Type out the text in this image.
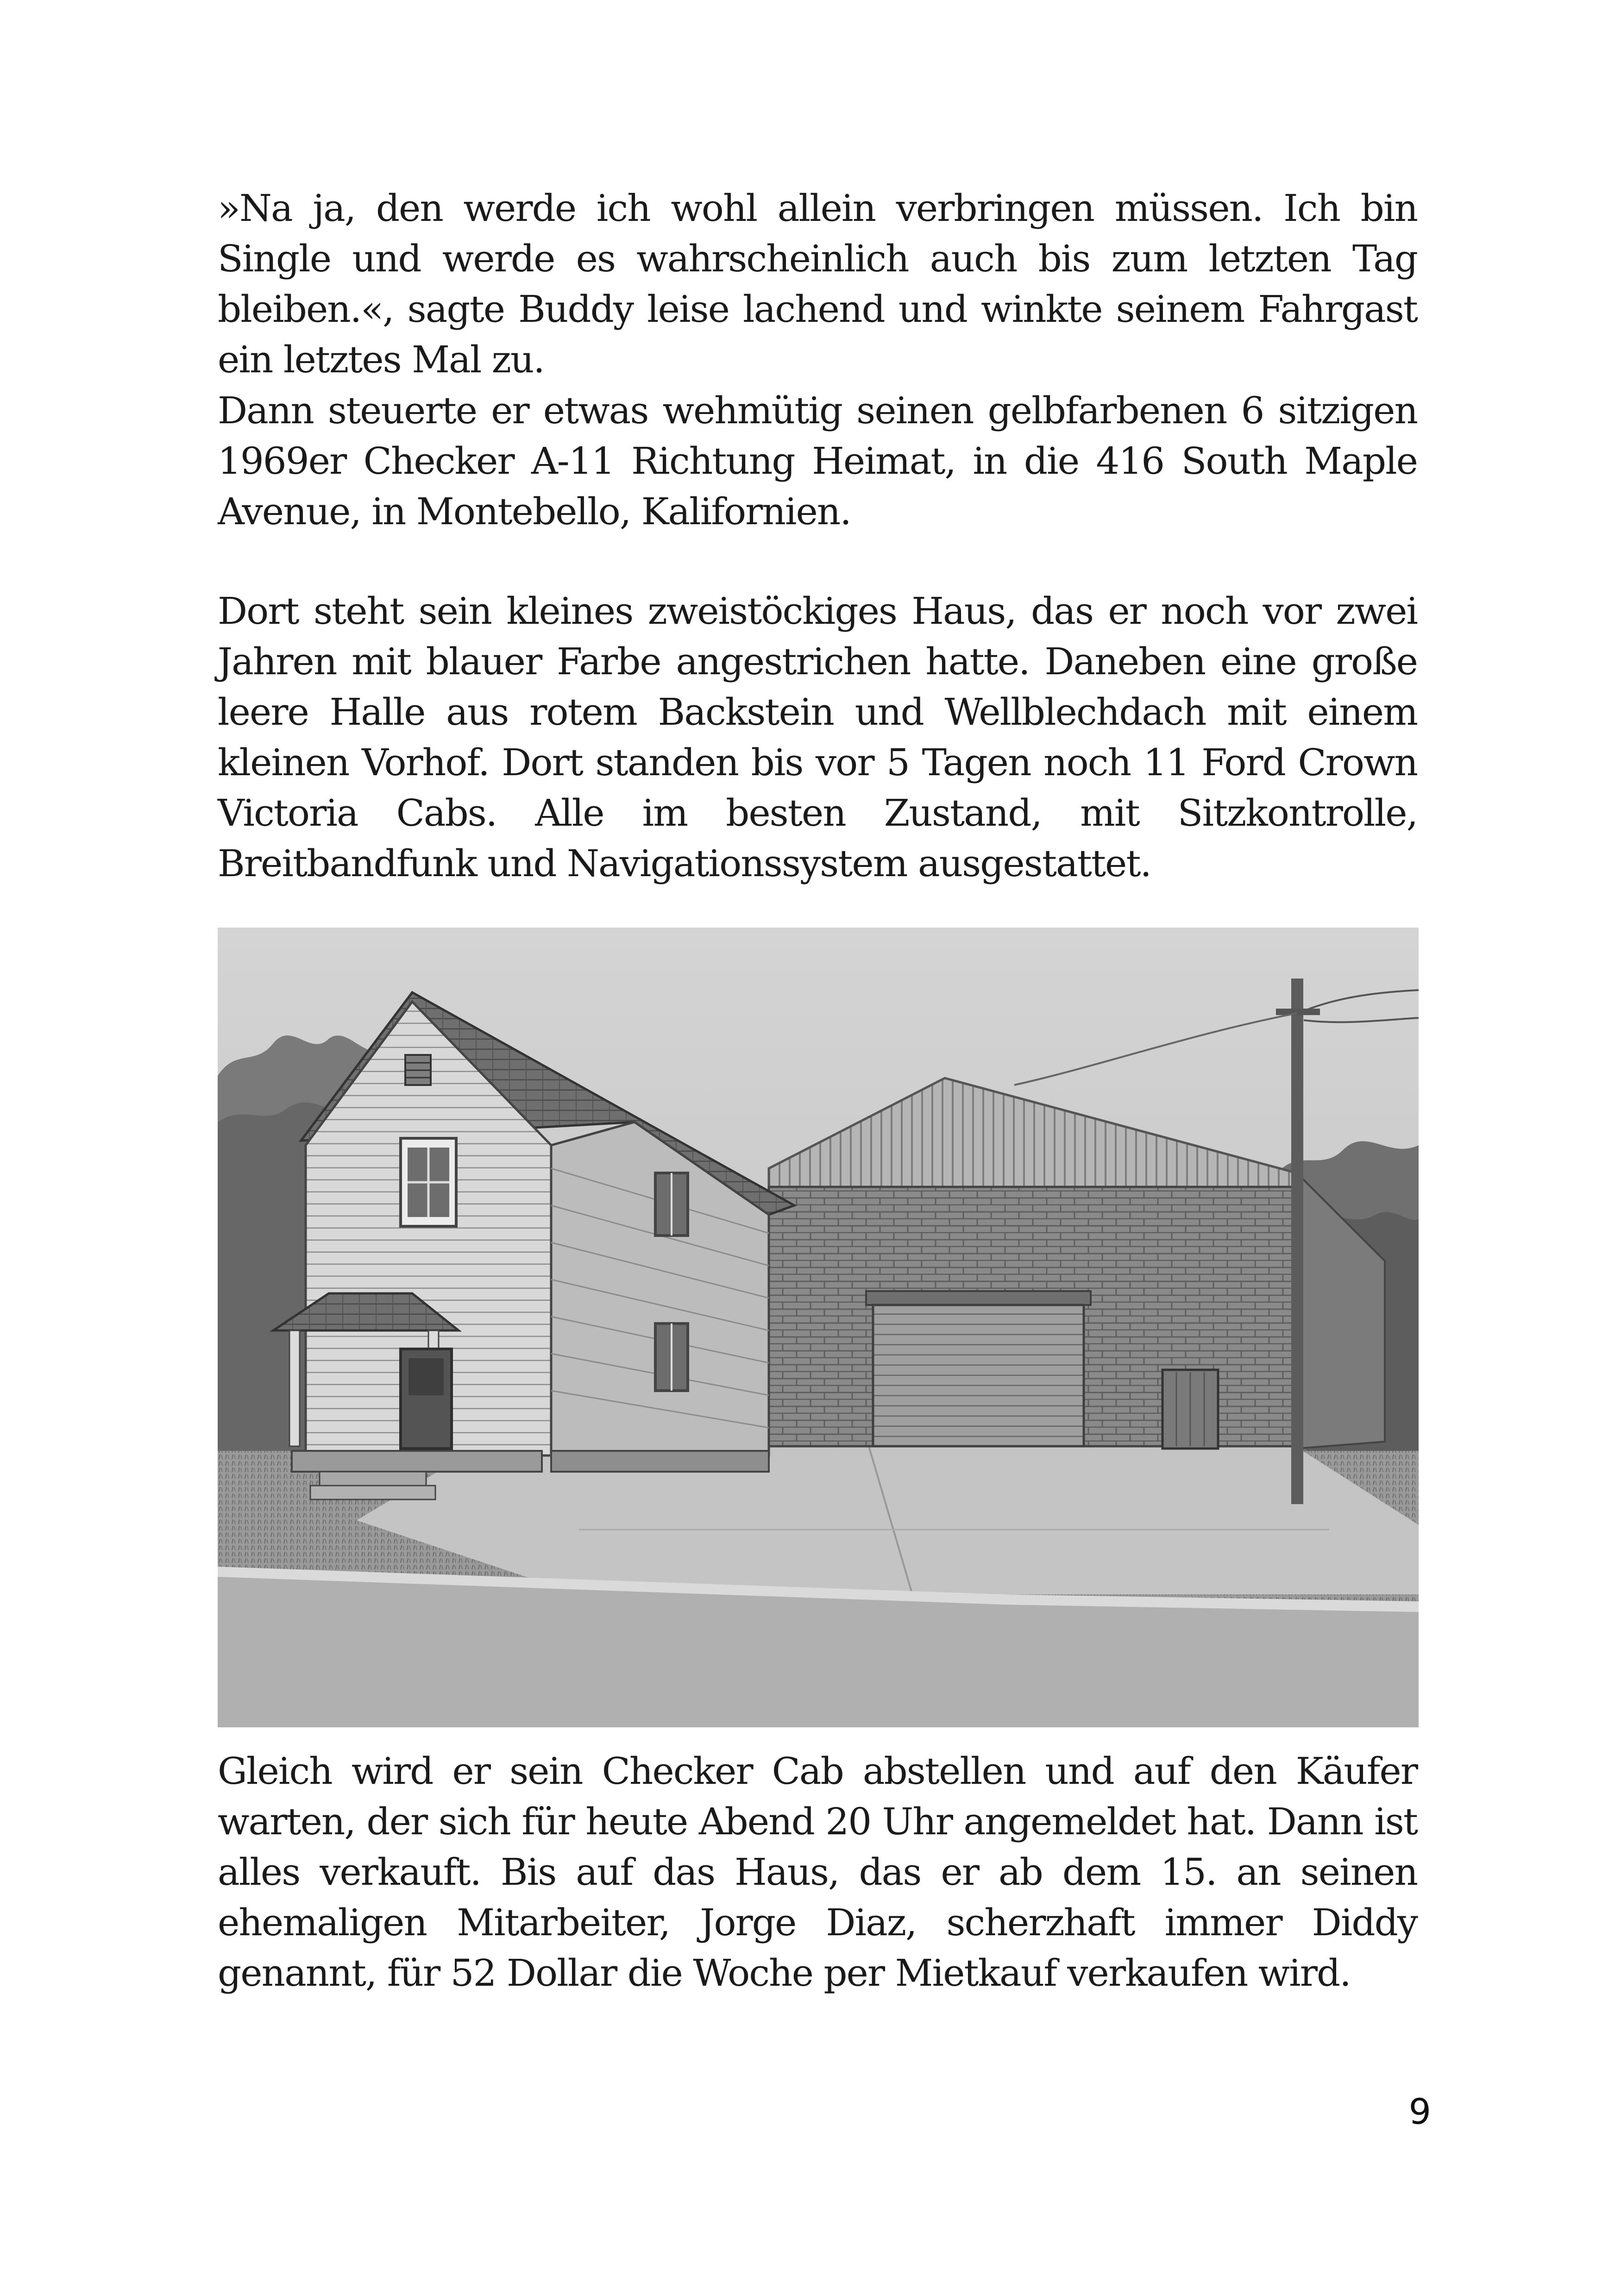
»Na ja, den werde ich wohl allein verbringen müssen. Ich bin Single und werde es wahrscheinlich auch bis zum letzten Tag bleiben.«, sagte Buddy leise lachend und winkte seinem Fahrgast ein letztes Mal zu.

Dann steuerte er etwas wehmütig seinen gelbfarbenen 6 sitzigen 1969er Checker A-11 Richtung Heimat, in die 416 South Maple Avenue, in Montebello, Kalifornien.

Dort steht sein kleines zweistöckiges Haus, das er noch vor zwei Jahren mit blauer Farbe angestrichen hatte. Daneben eine große leere Halle aus rotem Backstein und Wellblechdach mit einem kleinen Vorhof. Dort standen bis vor 5 Tagen noch 11 Ford Crown Victoria Cabs. Alle im besten Zustand, mit Sitzkontrolle, Breitbandfunk und Navigationssystem ausgestattet.

Gleich wird er sein Checker Cab abstellen und auf den Käufer warten, der sich für heute Abend 20 Uhr angemeldet hat. Dann ist alles verkauft. Bis auf das Haus, das er ab dem 15. an seinen ehemaligen Mitarbeiter, Jorge Diaz, scherzhaft immer Diddy genannt, für 52 Dollar die Woche per Mietkauf verkaufen wird.

9
